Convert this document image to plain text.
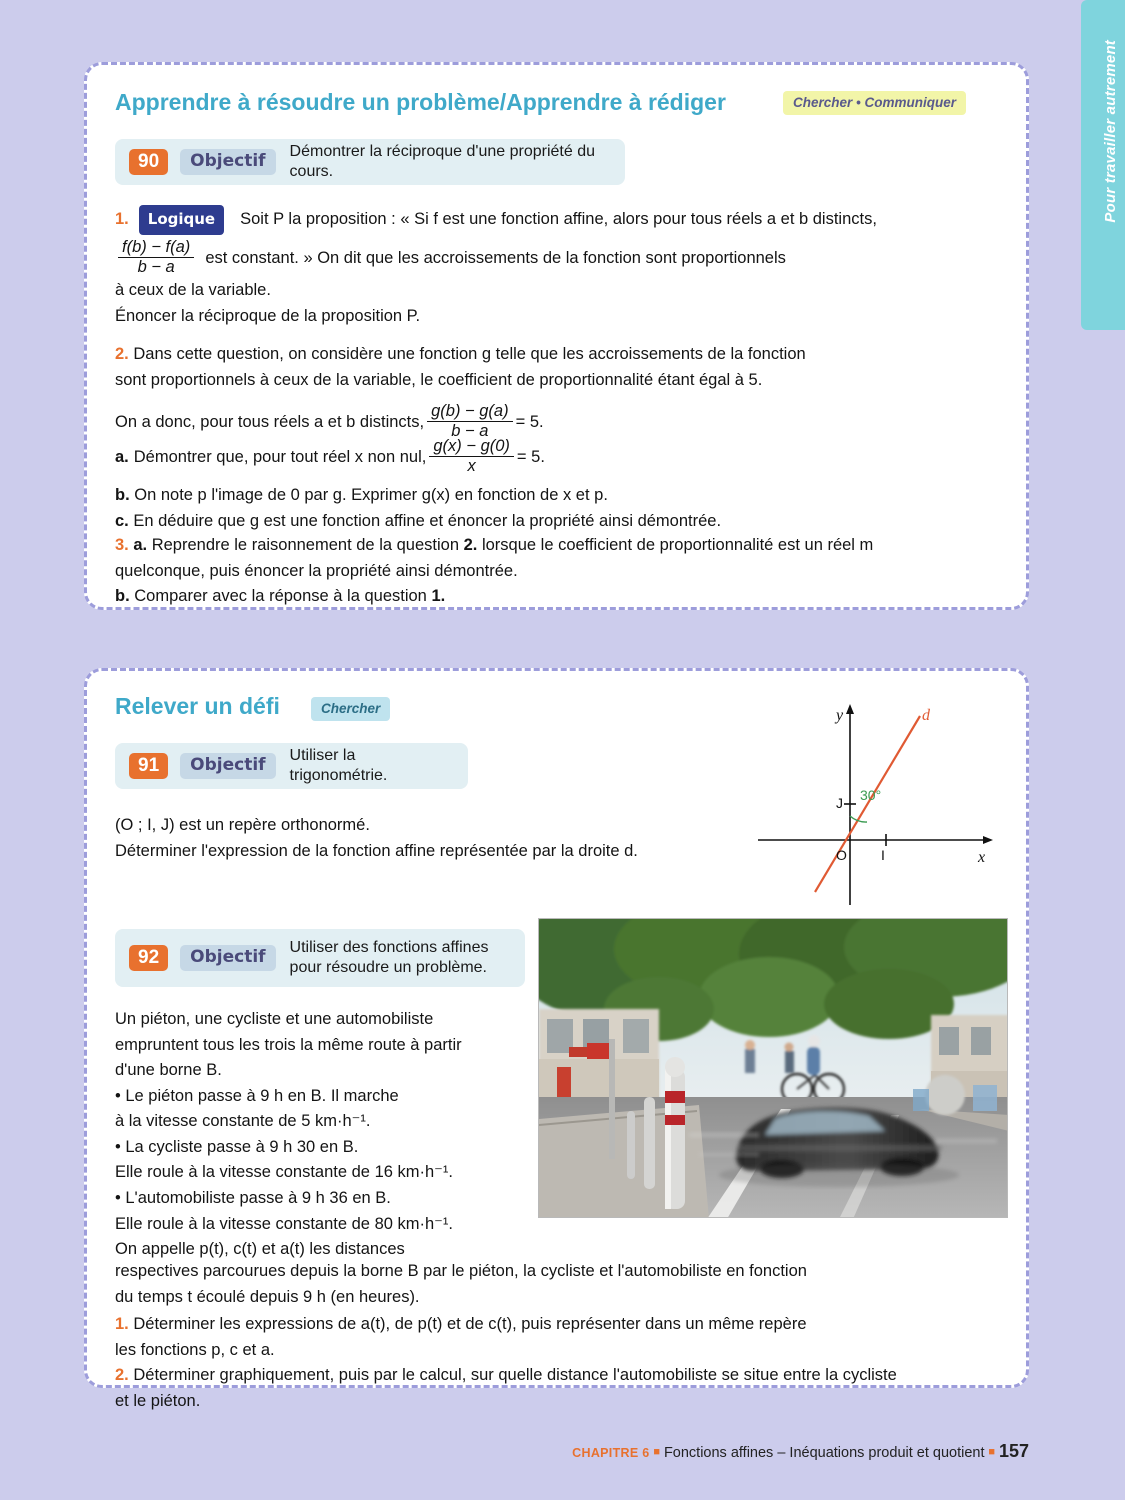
Pour travailler autrement
Apprendre à résoudre un problème/Apprendre à rédiger	Chercher • Communiquer
90	Objectif	Démontrer la réciproque d'une propriété du cours.
1.	Logique	Soit P la proposition : « Si f est une fonction affine, alors pour tous réels a et b distincts,
$\frac{f(b) - f(a)}{b - a}$ est constant. » On dit que les accroissements de la fonction sont proportionnels
à ceux de la variable.
Énoncer la réciproque de la proposition P.
2. Dans cette question, on considère une fonction g telle que les accroissements de la fonction
sont proportionnels à ceux de la variable, le coefficient de proportionnalité étant égal à 5.
On a donc, pour tous réels a et b distincts, $\frac{g(b) - g(a)}{b - a} = 5$.
a. Démontrer que, pour tout réel x non nul, $\frac{g(x) - g(0)}{x} = 5$.
b. On note p l'image de 0 par g. Exprimer g(x) en fonction de x et p.
c. En déduire que g est une fonction affine et énoncer la propriété ainsi démontrée.
3. a. Reprendre le raisonnement de la question 2. lorsque le coefficient de proportionnalité est un réel m
quelconque, puis énoncer la propriété ainsi démontrée.
b. Comparer avec la réponse à la question 1.
Relever un défi	Chercher
91	Objectif	Utiliser la trigonométrie.
(O ; I, J) est un repère orthonormé.
Déterminer l'expression de la fonction affine représentée par la droite d.
92	Objectif	Utiliser des fonctions affines
pour résoudre un problème.
Un piéton, une cycliste et une automobiliste
empruntent tous les trois la même route à partir
d'une borne B.
• Le piéton passe à 9 h en B. Il marche
à la vitesse constante de 5 km·h⁻¹.
• La cycliste passe à 9 h 30 en B.
Elle roule à la vitesse constante de 16 km·h⁻¹.
• L'automobiliste passe à 9 h 36 en B.
Elle roule à la vitesse constante de 80 km·h⁻¹.
On appelle p(t), c(t) et a(t) les distances
respectives parcourues depuis la borne B par le piéton, la cycliste et l'automobiliste en fonction
du temps t écoulé depuis 9 h (en heures).
1. Déterminer les expressions de a(t), de p(t) et de c(t), puis représenter dans un même repère
les fonctions p, c et a.
2. Déterminer graphiquement, puis par le calcul, sur quelle distance l'automobiliste se situe entre la cycliste
et le piéton.
J
I
O
y
x
d
30°
CHAPITRE 6 ■ Fonctions affines – Inéquations produit et quotient ■ 157
